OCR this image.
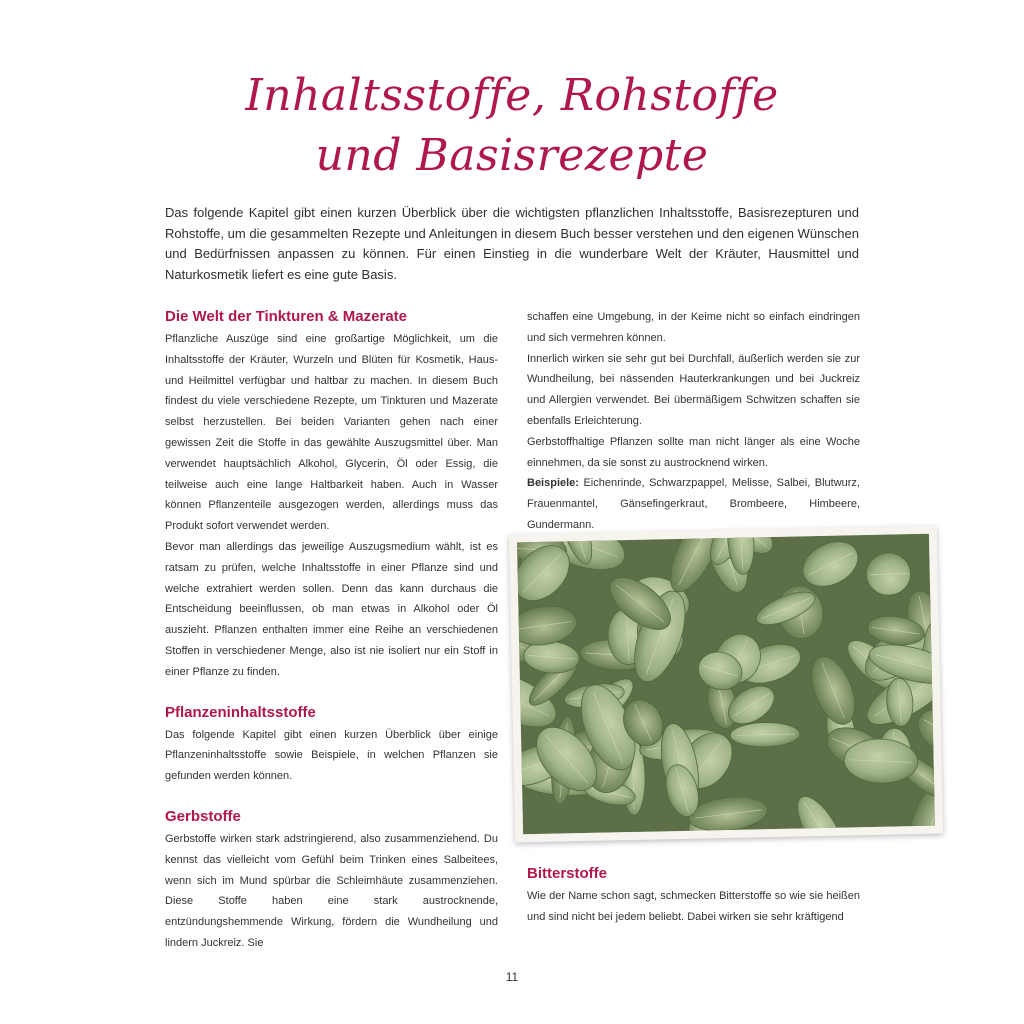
Inhaltsstoffe, Rohstoffe
und Basisrezepte
Das folgende Kapitel gibt einen kurzen Überblick über die wichtigsten pflanzlichen Inhaltsstoffe, Basisrezepturen und Rohstoffe, um die gesammelten Rezepte und Anleitungen in diesem Buch besser verstehen und den eigenen Wünschen und Bedürfnissen anpassen zu können. Für einen Einstieg in die wunderbare Welt der Kräuter, Hausmittel und Naturkosmetik liefert es eine gute Basis.
Die Welt der Tinkturen & Mazerate

Pflanzliche Auszüge sind eine großartige Möglichkeit, um die Inhaltsstoffe der Kräuter, Wurzeln und Blüten für Kosmetik, Haus- und Heilmittel verfügbar und haltbar zu machen. In diesem Buch findest du viele verschiedene Rezepte, um Tinkturen und Mazerate selbst herzustellen. Bei beiden Varianten gehen nach einer gewissen Zeit die Stoffe in das gewählte Auszugsmittel über. Man verwendet hauptsächlich Alkohol, Glycerin, Öl oder Essig, die teilweise auch eine lange Haltbarkeit haben. Auch in Wasser können Pflanzenteile ausgezogen werden, allerdings muss das Produkt sofort verwendet werden.

Bevor man allerdings das jeweilige Auszugsmedium wählt, ist es ratsam zu prüfen, welche Inhaltsstoffe in einer Pflanze sind und welche extrahiert werden sollen. Denn das kann durchaus die Entscheidung beeinflussen, ob man etwas in Alkohol oder Öl auszieht. Pflanzen enthalten immer eine Reihe an verschiedenen Stoffen in verschiedener Menge, also ist nie isoliert nur ein Stoff in einer Pflanze zu finden.

Pflanzeninhaltsstoffe

Das folgende Kapitel gibt einen kurzen Überblick über einige Pflanzeninhaltsstoffe sowie Beispiele, in welchen Pflanzen sie gefunden werden können.

Gerbstoffe

Gerbstoffe wirken stark adstringierend, also zusammenziehend. Du kennst das vielleicht vom Gefühl beim Trinken eines Salbeitees, wenn sich im Mund spürbar die Schleimhäute zusammenziehen. Diese Stoffe haben eine stark austrocknende, entzündungshemmende Wirkung, fördern die Wundheilung und lindern Juckreiz. Sie

schaffen eine Umgebung, in der Keime nicht so einfach eindringen und sich vermehren können.

Innerlich wirken sie sehr gut bei Durchfall, äußerlich werden sie zur Wundheilung, bei nässenden Hauterkrankungen und bei Juckreiz und Allergien verwendet. Bei übermäßigem Schwitzen schaffen sie ebenfalls Erleichterung.

Gerbstoffhaltige Pflanzen sollte man nicht länger als eine Woche einnehmen, da sie sonst zu austrocknend wirken.

Beispiele: Eichenrinde, Schwarzpappel, Melisse, Salbei, Blutwurz, Frauenmantel, Gänsefingerkraut, Brombeere, Himbeere, Gundermann.

Bitterstoffe

Wie der Name schon sagt, schmecken Bitterstoffe so wie sie heißen und sind nicht bei jedem beliebt. Dabei wirken sie sehr kräftigend

11
